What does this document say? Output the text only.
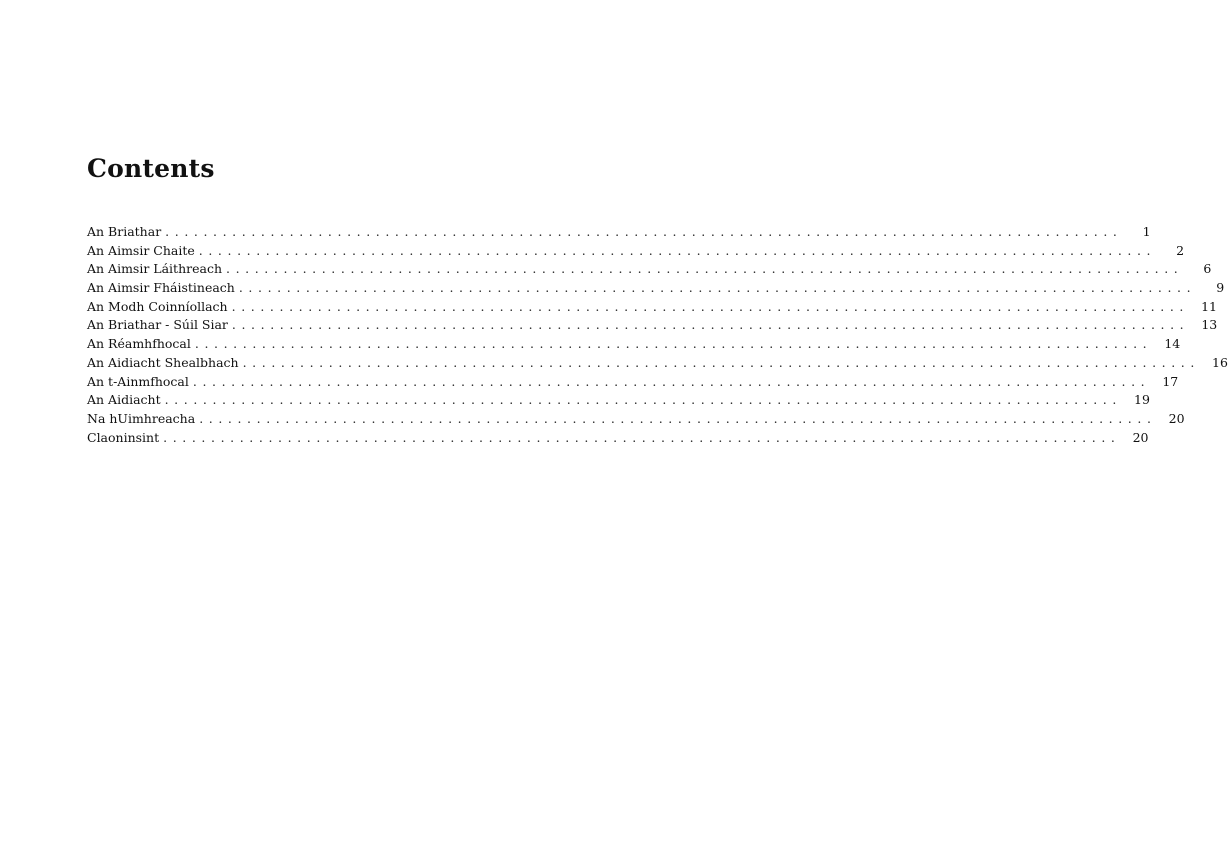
Contents
An Briathar ....................................................................................................	1
An Aimsir Chaite ....................................................................................................	2
An Aimsir Láithreach ....................................................................................................	6
An Aimsir Fháistineach ....................................................................................................	9
An Modh Coinníollach .................................................................................................... 11
An Briathar - Súil Siar .................................................................................................... 13
An Réamhfhocal .................................................................................................... 14
An Aidiacht Shealbhach .................................................................................................... 16
An t-Ainmfhocal .................................................................................................... 17
An Aidiacht .................................................................................................... 19
Na hUimhreacha .................................................................................................... 20
Claoninsint .................................................................................................... 20
